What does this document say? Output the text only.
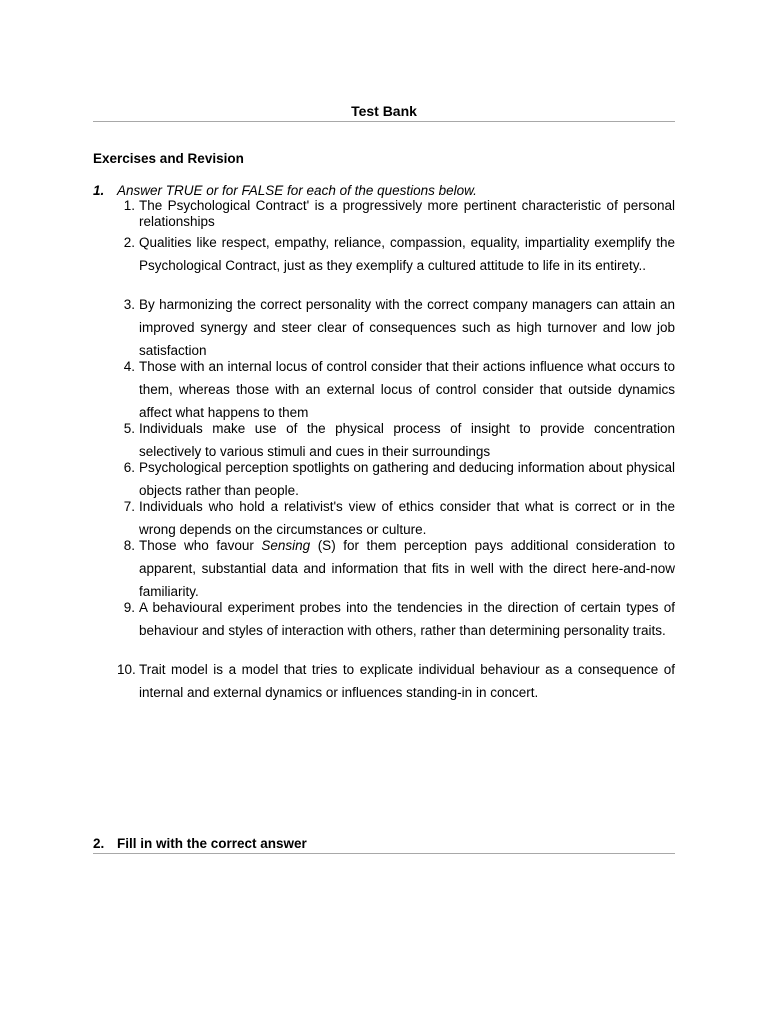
Test Bank
Exercises and Revision
1. Answer TRUE or for FALSE for each of the questions below.
1. The Psychological Contract' is a progressively more pertinent characteristic of personal relationships
2. Qualities like respect, empathy, reliance, compassion, equality, impartiality exemplify the Psychological Contract, just as they exemplify a cultured attitude to life in its entirety..
3. By harmonizing the correct personality with the correct company managers can attain an improved synergy and steer clear of consequences such as high turnover and low job satisfaction
4. Those with an internal locus of control consider that their actions influence what occurs to them, whereas those with an external locus of control consider that outside dynamics affect what happens to them
5. Individuals make use of the physical process of insight to provide concentration selectively to various stimuli and cues in their surroundings
6. Psychological perception spotlights on gathering and deducing information about physical objects rather than people.
7. Individuals who hold a relativist's view of ethics consider that what is correct or in the wrong depends on the circumstances or culture.
8. Those who favour Sensing (S) for them perception pays additional consideration to apparent, substantial data and information that fits in well with the direct here-and-now familiarity.
9. A behavioural experiment probes into the tendencies in the direction of certain types of behaviour and styles of interaction with others, rather than determining personality traits.
10. Trait model is a model that tries to explicate individual behaviour as a consequence of internal and external dynamics or influences standing-in in concert.
2. Fill in with the correct answer
